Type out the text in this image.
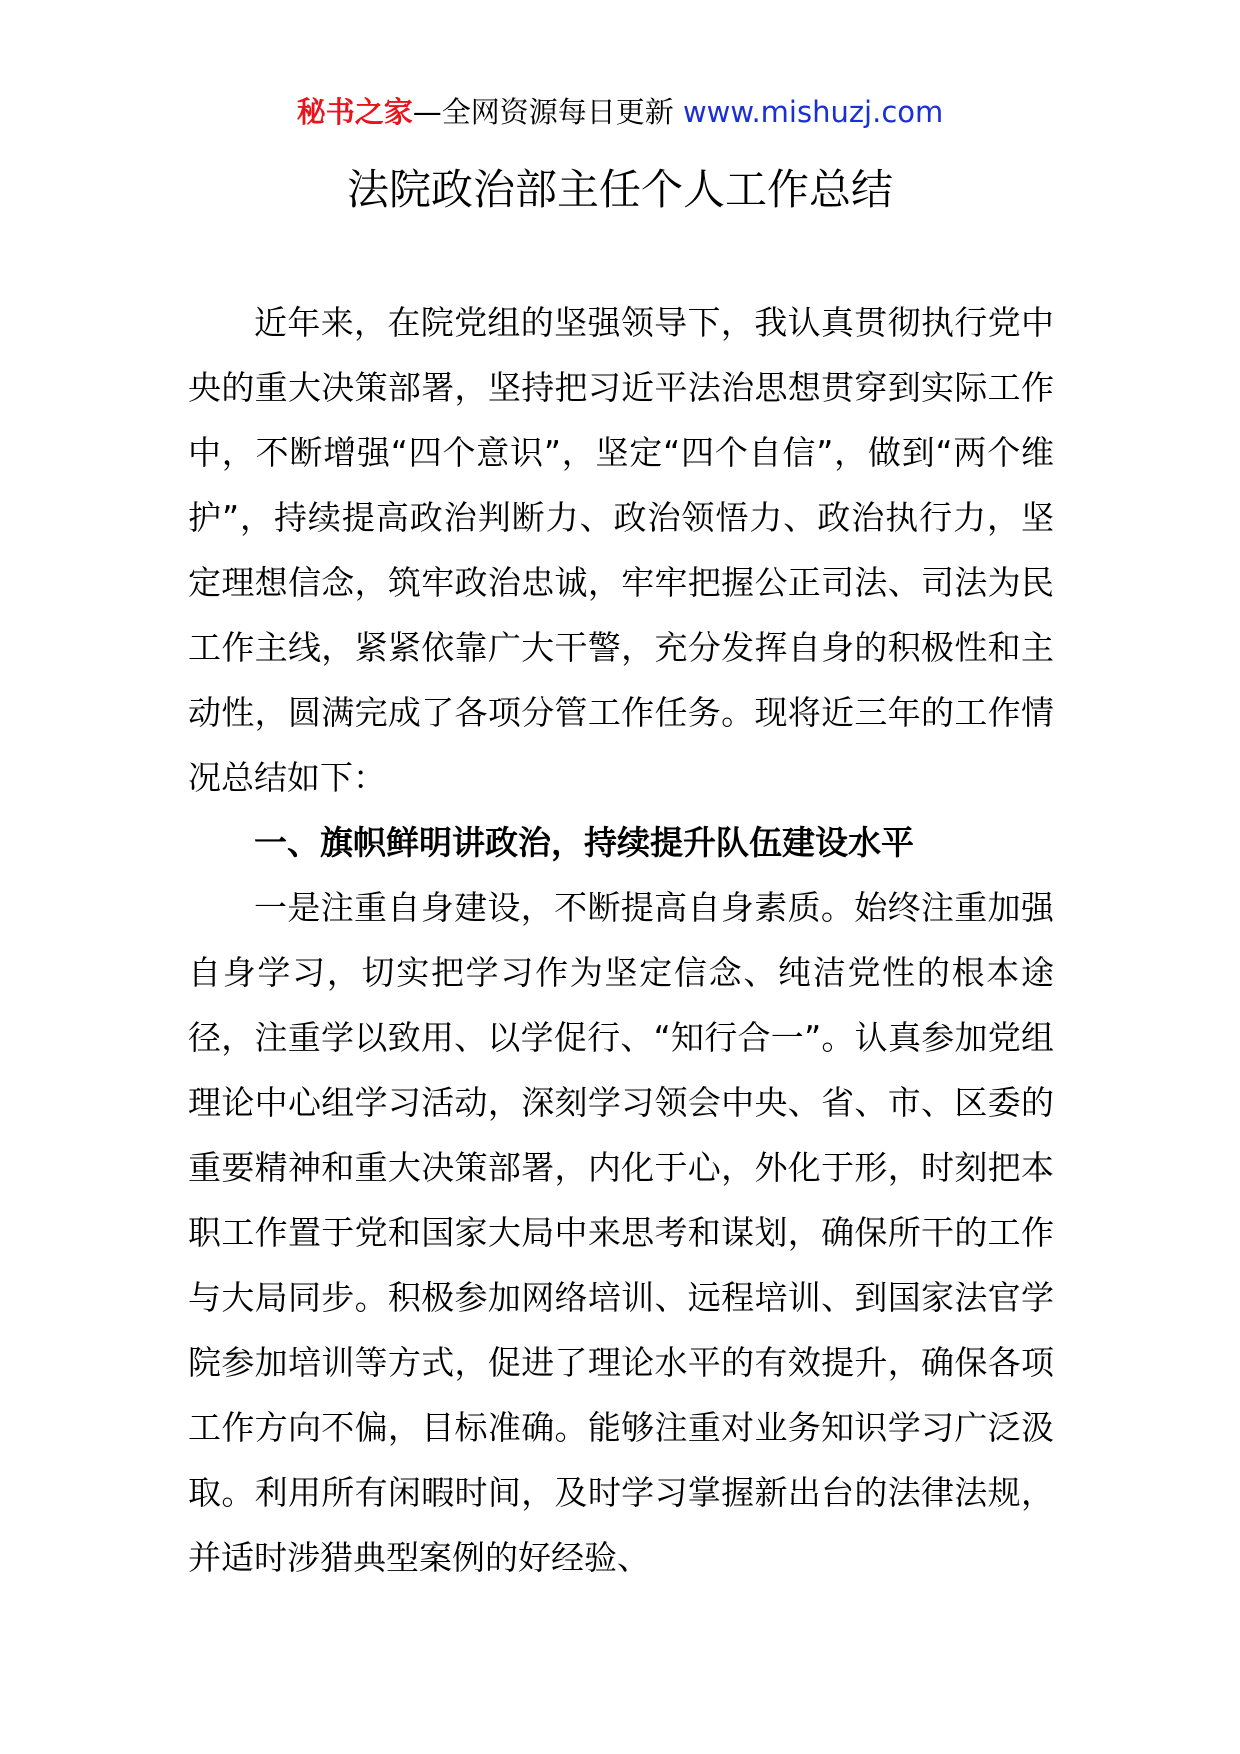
秘书之家—全网资源每日更新 www.mishuzj.com
法院政治部主任个人工作总结

近年来，在院党组的坚强领导下，我认真贯彻执行党中央的重大决策部署，坚持把习近平法治思想贯穿到实际工作中，不断增强“四个意识”，坚定“四个自信”，做到“两个维护”，持续提高政治判断力、政治领悟力、政治执行力，坚定理想信念，筑牢政治忠诚，牢牢把握公正司法、司法为民工作主线，紧紧依靠广大干警，充分发挥自身的积极性和主动性，圆满完成了各项分管工作任务。现将近三年的工作情况总结如下：

一、旗帜鲜明讲政治，持续提升队伍建设水平

一是注重自身建设，不断提高自身素质。始终注重加强自身学习，切实把学习作为坚定信念、纯洁党性的根本途径，注重学以致用、以学促行、“知行合一”。认真参加党组理论中心组学习活动，深刻学习领会中央、省、市、区委的重要精神和重大决策部署，内化于心，外化于形，时刻把本职工作置于党和国家大局中来思考和谋划，确保所干的工作与大局同步。积极参加网络培训、远程培训、到国家法官学院参加培训等方式，促进了理论水平的有效提升，确保各项工作方向不偏，目标准确。能够注重对业务知识学习广泛汲取。利用所有闲暇时间，及时学习掌握新出台的法律法规，并适时涉猎典型案例的好经验、
